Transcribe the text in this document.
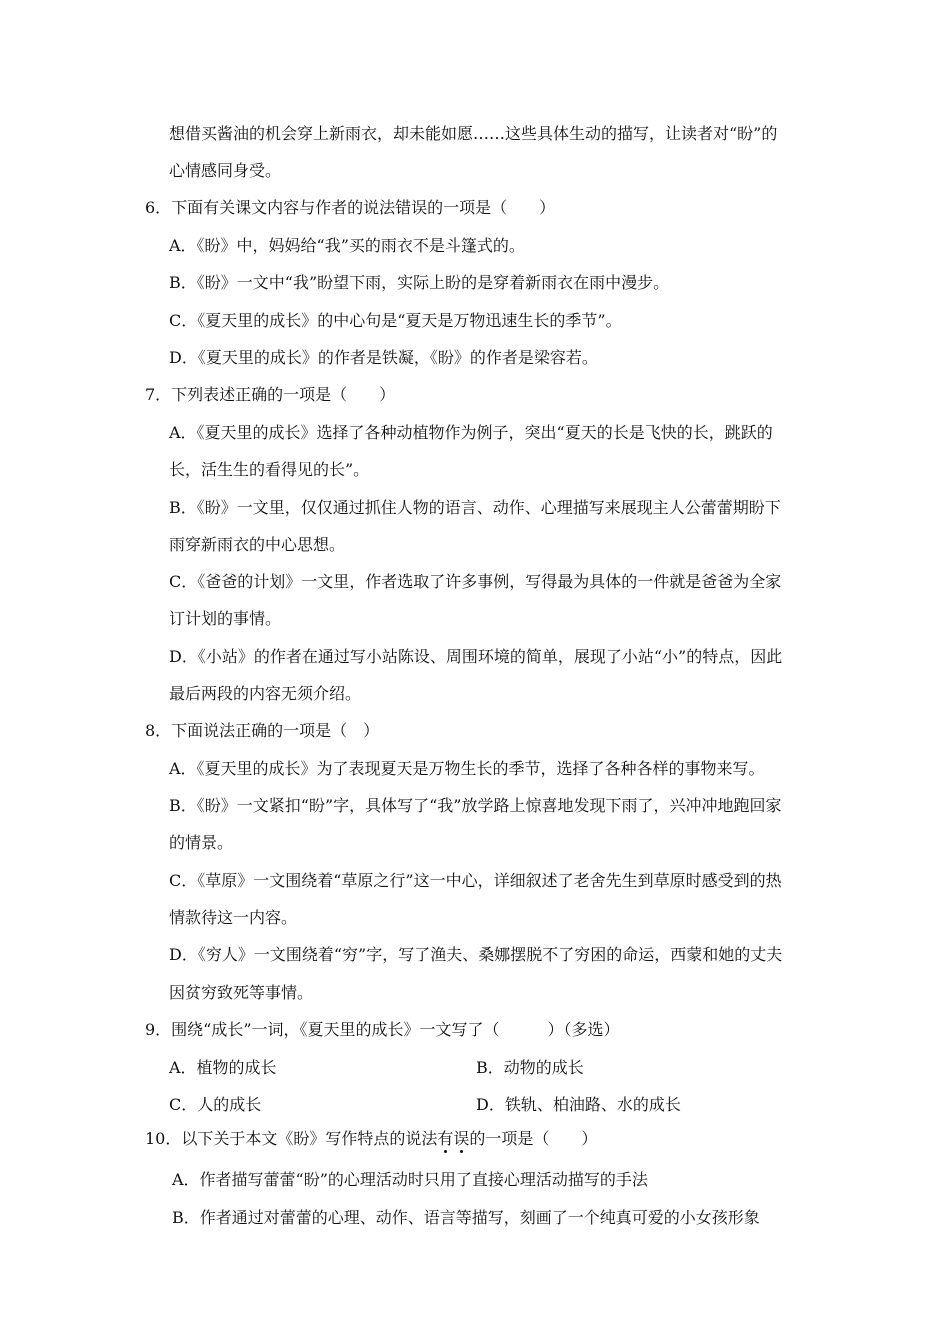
想借买酱油的机会穿上新雨衣，却未能如愿……这些具体生动的描写，让读者对“盼”的
心情感同身受。
6．下面有关课文内容与作者的说法错误的一项是（　　）
A．《盼》中，妈妈给“我”买的雨衣不是斗篷式的。
B．《盼》一文中“我”盼望下雨，实际上盼的是穿着新雨衣在雨中漫步。
C．《夏天里的成长》的中心句是“夏天是万物迅速生长的季节”。
D．《夏天里的成长》的作者是铁凝，《盼》的作者是梁容若。
7．下列表述正确的一项是（　　）
A．《夏天里的成长》选择了各种动植物作为例子，突出“夏天的长是飞快的长，跳跃的
长，活生生的看得见的长”。
B．《盼》一文里，仅仅通过抓住人物的语言、动作、心理描写来展现主人公蕾蕾期盼下
雨穿新雨衣的中心思想。
C．《爸爸的计划》一文里，作者选取了许多事例，写得最为具体的一件就是爸爸为全家
订计划的事情。
D．《小站》的作者在通过写小站陈设、周围环境的简单，展现了小站“小”的特点，因此
最后两段的内容无须介绍。
8．下面说法正确的一项是（　）
A．《夏天里的成长》为了表现夏天是万物生长的季节，选择了各种各样的事物来写。
B．《盼》一文紧扣“盼”字，具体写了“我”放学路上惊喜地发现下雨了，兴冲冲地跑回家
的情景。
C．《草原》一文围绕着“草原之行”这一中心，详细叙述了老舍先生到草原时感受到的热
情款待这一内容。
D．《穷人》一文围绕着“穷”字，写了渔夫、桑娜摆脱不了穷困的命运，西蒙和她的丈夫
因贫穷致死等事情。
9．围绕“成长”一词，《夏天里的成长》一文写了（　　　）（多选）
A．植物的成长	B．动物的成长
C．人的成长	D．铁轨、柏油路、水的成长
10．以下关于本文《盼》写作特点的说法有误的一项是（　　）
A．作者描写蕾蕾“盼”的心理活动时只用了直接心理活动描写的手法
B．作者通过对蕾蕾的心理、动作、语言等描写，刻画了一个纯真可爱的小女孩形象
